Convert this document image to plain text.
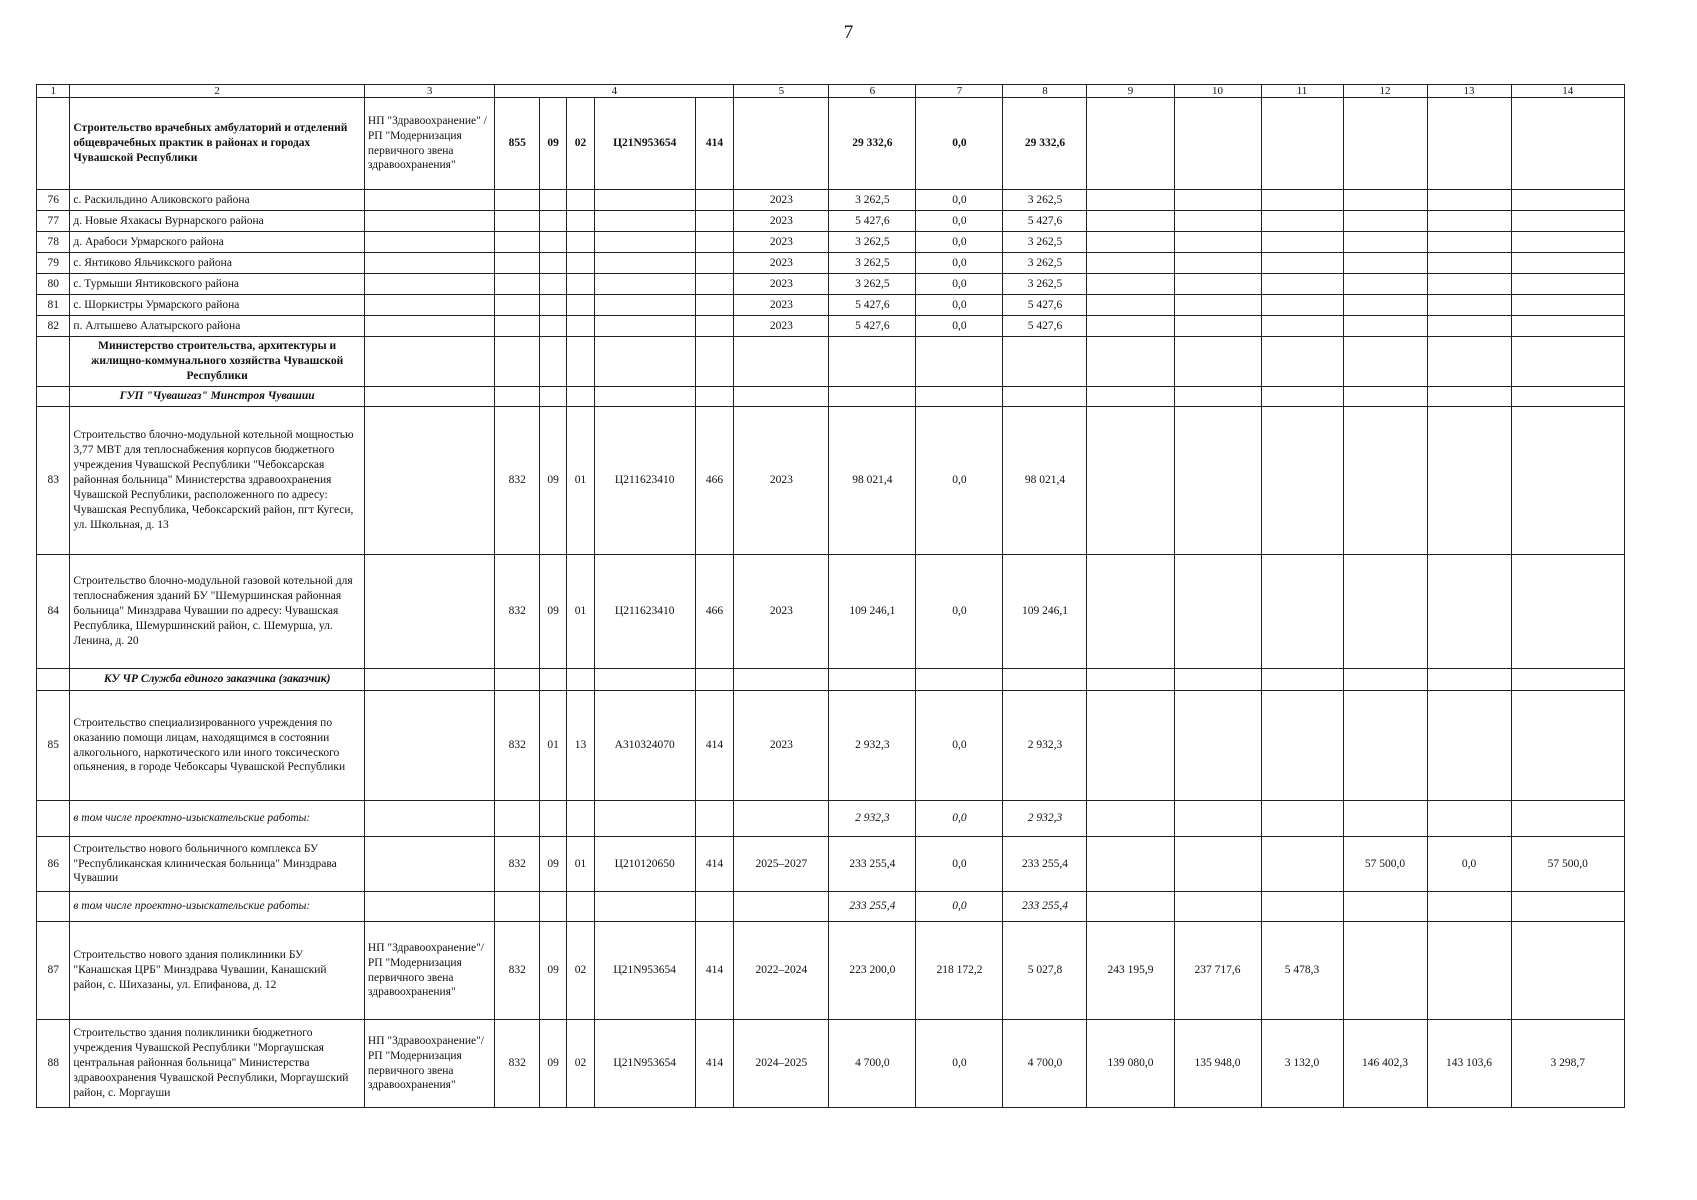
7
1	2	3	4					5	6	7	8	9	10	11	12	13	14
	Строительство врачебных амбулаторий и отделений общеврачебных практик в районах и городах Чувашской Республики	НП "Здравоохранение" / РП "Модернизация первичного звена здравоохранения"	855	09	02	Ц21N953654	414		29 332,6	0,0	29 332,6						
76	с. Раскильдино Аликовского района							2023	3 262,5	0,0	3 262,5						
77	д. Новые Яхакасы Вурнарского района							2023	5 427,6	0,0	5 427,6						
78	д. Арабоси Урмарского района							2023	3 262,5	0,0	3 262,5						
79	с. Янтиково Яльчикского района							2023	3 262,5	0,0	3 262,5						
80	с. Турмыши Янтиковского района							2023	3 262,5	0,0	3 262,5						
81	с. Шоркистры Урмарского района							2023	5 427,6	0,0	5 427,6						
82	п. Алтышево Алатырского района							2023	5 427,6	0,0	5 427,6						
	Министерство строительства, архитектуры и жилищно-коммунального хозяйства Чувашской Республики																
	ГУП "Чувашгаз" Минстроя Чувашии																
83	Строительство блочно-модульной котельной мощностью 3,77 МВТ для теплоснабжения корпусов бюджетного учреждения Чувашской Республики "Чебоксарская районная больница" Министерства здравоохранения Чувашской Республики, расположенного по адресу: Чувашская Республика, Чебоксарский район, пгт Кугеси, ул. Школьная, д. 13		832	09	01	Ц211623410	466	2023	98 021,4	0,0	98 021,4						
84	Строительство блочно-модульной газовой котельной для теплоснабжения зданий БУ "Шемуршинская районная больница" Минздрава Чувашии по адресу: Чувашская Республика, Шемуршинский район, с. Шемурша, ул. Ленина, д. 20		832	09	01	Ц211623410	466	2023	109 246,1	0,0	109 246,1						
	КУ ЧР Служба единого заказчика (заказчик)																
85	Строительство специализированного учреждения по оказанию помощи лицам, находящимся в состоянии алкогольного, наркотического или иного токсического опьянения, в городе Чебоксары Чувашской Республики		832	01	13	А310324070	414	2023	2 932,3	0,0	2 932,3						
	в том числе проектно-изыскательские работы:								2 932,3	0,0	2 932,3						
86	Строительство нового больничного комплекса БУ "Республиканская клиническая больница" Минздрава Чувашии		832	09	01	Ц210120650	414	2025–2027	233 255,4	0,0	233 255,4				57 500,0	0,0	57 500,0
	в том числе проектно-изыскательские работы:								233 255,4	0,0	233 255,4						
87	Строительство нового здания поликлиники БУ "Канашская ЦРБ" Минздрава Чувашии, Канашский район, с. Шихазаны, ул. Епифанова, д. 12	НП "Здравоохранение"/ РП "Модернизация первичного звена здравоохранения"	832	09	02	Ц21N953654	414	2022–2024	223 200,0	218 172,2	5 027,8	243 195,9	237 717,6	5 478,3			
88	Строительство здания поликлиники бюджетного учреждения Чувашской Республики "Моргаушская центральная районная больница" Министерства здравоохранения Чувашской Республики, Моргаушский район, с. Моргауши	НП "Здравоохранение"/ РП "Модернизация первичного звена здравоохранения"	832	09	02	Ц21N953654	414	2024–2025	4 700,0	0,0	4 700,0	139 080,0	135 948,0	3 132,0	146 402,3	143 103,6	3 298,7
